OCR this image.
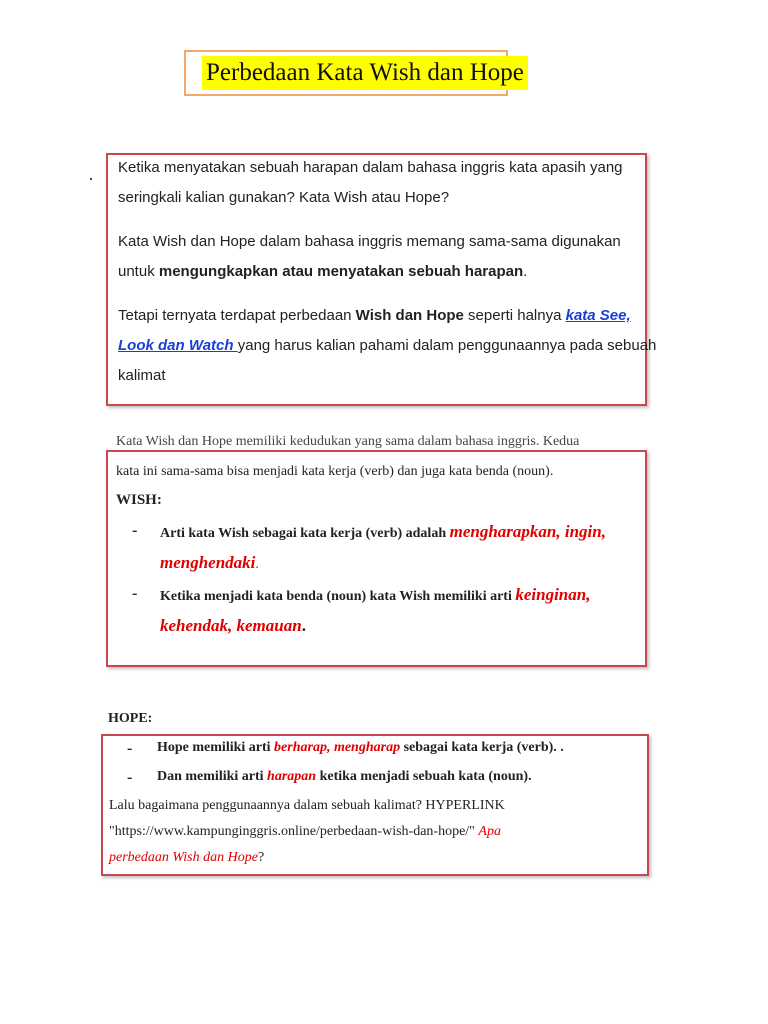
Perbedaan Kata Wish dan Hope

Ketika menyatakan sebuah harapan dalam bahasa inggris kata apasih yang

seringkali kalian gunakan? Kata Wish atau Hope?

Kata Wish dan Hope dalam bahasa inggris memang sama-sama digunakan

untuk mengungkapkan atau menyatakan sebuah harapan.

Tetapi ternyata terdapat perbedaan Wish dan Hope seperti halnya kata See,

Look dan Watch yang harus kalian pahami dalam penggunaannya pada sebuah

kalimat

Kata Wish dan Hope memiliki kedudukan yang sama dalam bahasa inggris. Kedua

kata ini sama-sama bisa menjadi kata kerja (verb) dan juga kata benda (noun).

WISH:

- Arti kata Wish sebagai kata kerja (verb) adalah mengharapkan, ingin,

menghendaki.

- Ketika menjadi kata benda (noun) kata Wish memiliki arti keinginan,

kehendak, kemauan.

HOPE:
- Hope memiliki arti berharap, mengharap sebagai kata kerja (verb). .

- Dan memiliki arti harapan ketika menjadi sebuah kata (noun).

Lalu bagaimana penggunaannya dalam sebuah kalimat? HYPERLINK

"https://www.kampunginggris.online/perbedaan-wish-dan-hope/" Apa

perbedaan Wish dan Hope?
